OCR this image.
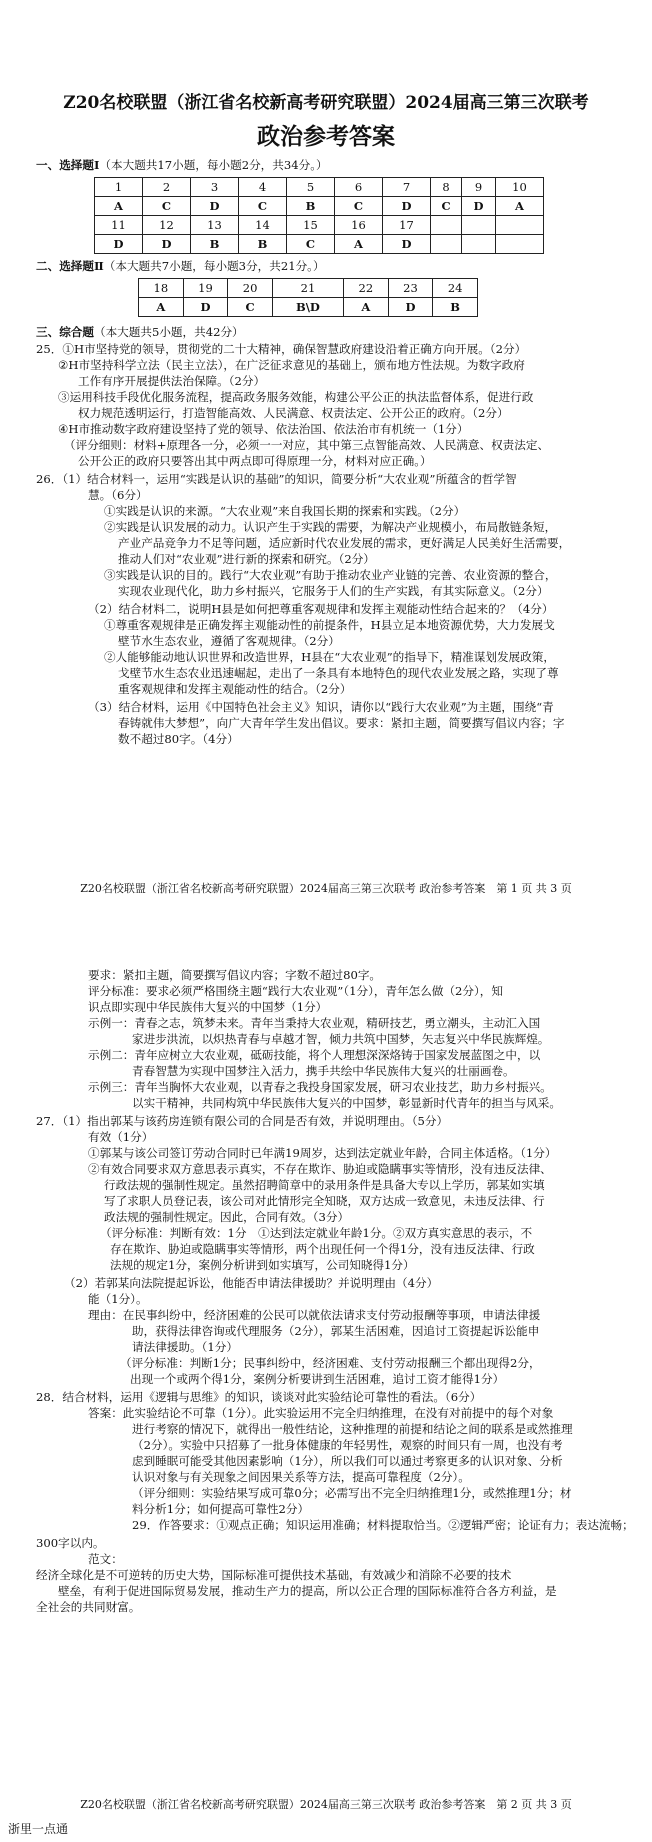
Z20名校联盟（浙江省名校新高考研究联盟）2024届高三第三次联考
政治参考答案
一、选择题Ⅰ（本大题共17小题，每小题2分，共34分。）
1	2	3	4	5	6	7	8	9	10
A	C	D	C	B	C	D	C	D	A
11	12	13	14	15	16	17			
D	D	B	B	C	A	D			
二、选择题Ⅱ（本大题共7小题，每小题3分，共21分。）
18	19	20	21	22	23	24
A	D	C	B\D	A	D	B
三、综合题（本大题共5小题，共42分）
25．①H市坚持党的领导，贯彻党的二十大精神，确保智慧政府建设沿着正确方向开展。（2分）
②H市坚持科学立法（民主立法），在广泛征求意见的基础上，颁布地方性法规。为数字政府
工作有序开展提供法治保障。（2分）
③运用科技手段优化服务流程，提高政务服务效能，构建公平公正的执法监督体系，促进行政
权力规范透明运行，打造智能高效、人民满意、权责法定、公开公正的政府。（2分）
④H市推动数字政府建设坚持了党的领导、依法治国、依法治市有机统一（1分）
（评分细则：材料+原理各一分，必须一一对应，其中第三点智能高效、人民满意、权责法定、
公开公正的政府只要答出其中两点即可得原理一分，材料对应正确。）
26．（1）结合材料一，运用“实践是认识的基础”的知识，简要分析“大农业观”所蕴含的哲学智
慧。（6分）
①实践是认识的来源。“大农业观”来自我国长期的探索和实践。（2分）
②实践是认识发展的动力。认识产生于实践的需要，为解决产业规模小，布局散链条短，
产业产品竞争力不足等问题，适应新时代农业发展的需求，更好满足人民美好生活需要，
推动人们对“农业观”进行新的探索和研究。（2分）
③实践是认识的目的。践行“大农业观”有助于推动农业产业链的完善、农业资源的整合，
实现农业现代化，助力乡村振兴，它服务于人们的生产实践，有其实际意义。（2分）
（2）结合材料二，说明H县是如何把尊重客观规律和发挥主观能动性结合起来的？（4分）
①尊重客观规律是正确发挥主观能动性的前提条件，H县立足本地资源优势，大力发展戈
壁节水生态农业，遵循了客观规律。（2分）
②人能够能动地认识世界和改造世界，H县在“大农业观”的指导下，精准谋划发展政策，
戈壁节水生态农业迅速崛起，走出了一条具有本地特色的现代农业发展之路，实现了尊
重客观规律和发挥主观能动性的结合。（2分）
（3）结合材料，运用《中国特色社会主义》知识，请你以“践行大农业观”为主题，围绕“青
春铸就伟大梦想”，向广大青年学生发出倡议。要求：紧扣主题，简要撰写倡议内容；字
数不超过80字。（4分）
Z20名校联盟（浙江省名校新高考研究联盟）2024届高三第三次联考 政治参考答案　第 1 页 共 3 页
要求：紧扣主题，简要撰写倡议内容；字数不超过80字。
评分标准：要求必须严格围绕主题“践行大农业观”（1分），青年怎么做（2分），知
识点即实现中华民族伟大复兴的中国梦（1分）
示例一：青春之志，筑梦未来。青年当秉持大农业观，精研技艺，勇立潮头，主动汇入国
家进步洪流，以炽热青春与卓越才智，倾力共筑中国梦，矢志复兴中华民族辉煌。
示例二：青年应树立大农业观，砥砺技能，将个人理想深深烙铸于国家发展蓝图之中，以
青春智慧为实现中国梦注入活力，携手共绘中华民族伟大复兴的壮丽画卷。
示例三：青年当胸怀大农业观，以青春之我投身国家发展，研习农业技艺，助力乡村振兴。
以实干精神，共同构筑中华民族伟大复兴的中国梦，彰显新时代青年的担当与风采。
27．（1）指出郭某与该药房连锁有限公司的合同是否有效，并说明理由。（5分）
有效（1分）
①郭某与该公司签订劳动合同时已年满19周岁，达到法定就业年龄，合同主体适格。（1分）
②有效合同要求双方意思表示真实，不存在欺诈、胁迫或隐瞒事实等情形，没有违反法律、
行政法规的强制性规定。虽然招聘简章中的录用条件是具备大专以上学历，郭某如实填
写了求职人员登记表，该公司对此情形完全知晓，双方达成一致意见，未违反法律、行
政法规的强制性规定。因此，合同有效。（3分）
（评分标准：判断有效：1分　①达到法定就业年龄1分。②双方真实意思的表示，不
存在欺诈、胁迫或隐瞒事实等情形，两个出现任何一个得1分，没有违反法律、行政
法规的规定1分，案例分析讲到如实填写，公司知晓得1分）
（2）若郭某向法院提起诉讼，他能否申请法律援助？并说明理由（4分）
能（1分）。
理由：在民事纠纷中，经济困难的公民可以就依法请求支付劳动报酬等事项，申请法律援
助，获得法律咨询或代理服务（2分），郭某生活困难，因追讨工资提起诉讼能申
请法律援助。（1分）
（评分标准：判断1分；民事纠纷中，经济困难、支付劳动报酬三个都出现得2分，
出现一个或两个得1分，案例分析要讲到生活困难，追讨工资才能得1分）
28．结合材料，运用《逻辑与思维》的知识，谈谈对此实验结论可靠性的看法。（6分）
答案：此实验结论不可靠（1分）。此实验运用不完全归纳推理，在没有对前提中的每个对象
进行考察的情况下，就得出一般性结论，这种推理的前提和结论之间的联系是或然推理
（2分）。实验中只招募了一批身体健康的年轻男性，观察的时间只有一周，也没有考
虑到睡眠可能受其他因素影响（1分），所以我们可以通过考察更多的认识对象、分析
认识对象与有关现象之间因果关系等方法，提高可靠程度（2分）。
（评分细则：实验结果写成可靠0分；必需写出不完全归纳推理1分，或然推理1分；材
料分析1分；如何提高可靠性2分）
29．作答要求：①观点正确；知识运用准确；材料提取恰当。②逻辑严密；论证有力；表达流畅；
300字以内。
范文：
经济全球化是不可逆转的历史大势，国际标准可提供技术基础，有效减少和消除不必要的技术
壁垒，有利于促进国际贸易发展，推动生产力的提高，所以公正合理的国际标准符合各方利益，是
全社会的共同财富。
Z20名校联盟（浙江省名校新高考研究联盟）2024届高三第三次联考 政治参考答案　第 2 页 共 3 页
浙里一点通
